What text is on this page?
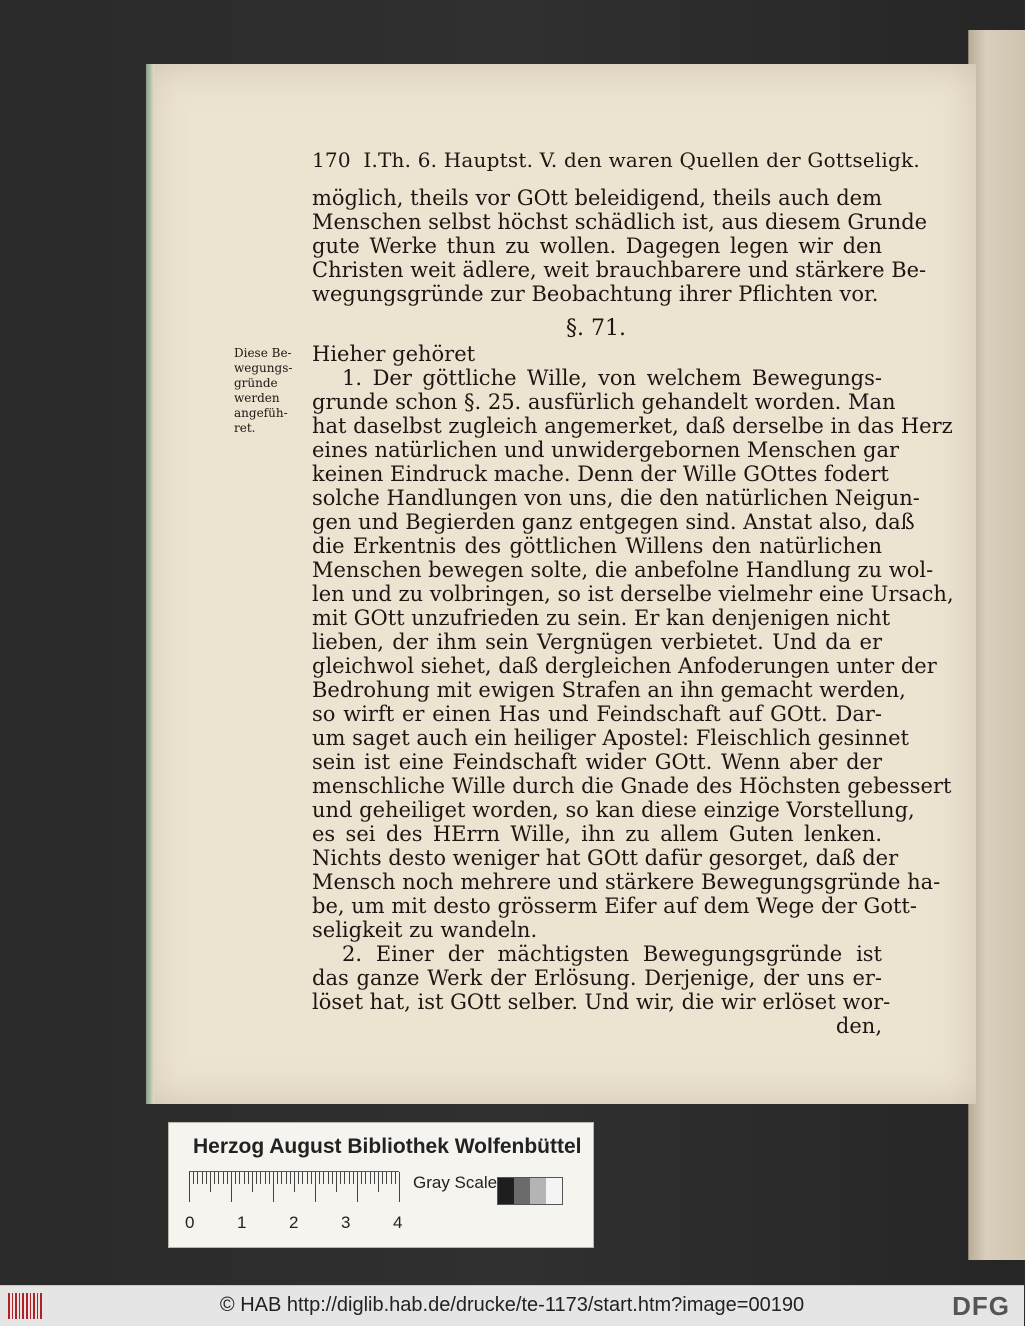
170 I.Th. 6. Hauptst. V. den waren Quellen der Gottseligk.
möglich, theils vor GOtt beleidigend, theils auch dem
Menschen selbst höchst schädlich ist, aus diesem Grunde
gute Werke thun zu wollen. Dagegen legen wir den
Christen weit ädlere, weit brauchbarere und stärkere Be-
wegungsgründe zur Beobachtung ihrer Pflichten vor.
§. 71.
Diese Be-
wegungs-
gründe
werden
angefüh-
ret.
Hieher gehöret
1. Der göttliche Wille, von welchem Bewegungs-
grunde schon §. 25. ausfürlich gehandelt worden. Man
hat daselbst zugleich angemerket, daß derselbe in das Herz
eines natürlichen und unwidergebornen Menschen gar
keinen Eindruck mache. Denn der Wille GOttes fodert
solche Handlungen von uns, die den natürlichen Neigun-
gen und Begierden ganz entgegen sind. Anstat also, daß
die Erkentnis des göttlichen Willens den natürlichen
Menschen bewegen solte, die anbefolne Handlung zu wol-
len und zu volbringen, so ist derselbe vielmehr eine Ursach,
mit GOtt unzufrieden zu sein. Er kan denjenigen nicht
lieben, der ihm sein Vergnügen verbietet. Und da er
gleichwol siehet, daß dergleichen Anfoderungen unter der
Bedrohung mit ewigen Strafen an ihn gemacht werden,
so wirft er einen Has und Feindschaft auf GOtt. Dar-
um saget auch ein heiliger Apostel: Fleischlich gesinnet
sein ist eine Feindschaft wider GOtt. Wenn aber der
menschliche Wille durch die Gnade des Höchsten gebessert
und geheiliget worden, so kan diese einzige Vorstellung,
es sei des HErrn Wille, ihn zu allem Guten lenken.
Nichts desto weniger hat GOtt dafür gesorget, daß der
Mensch noch mehrere und stärkere Bewegungsgründe ha-
be, um mit desto grösserm Eifer auf dem Wege der Gott-
seligkeit zu wandeln.
2. Einer der mächtigsten Bewegungsgründe ist
das ganze Werk der Erlösung. Derjenige, der uns er-
löset hat, ist GOtt selber. Und wir, die wir erlöset wor-
den,
Herzog August Bibliothek Wolfenbüttel
0	1	2	3	4
Gray Scale
© HAB http://diglib.hab.de/drucke/te-1173/start.htm?image=00190	DFG
